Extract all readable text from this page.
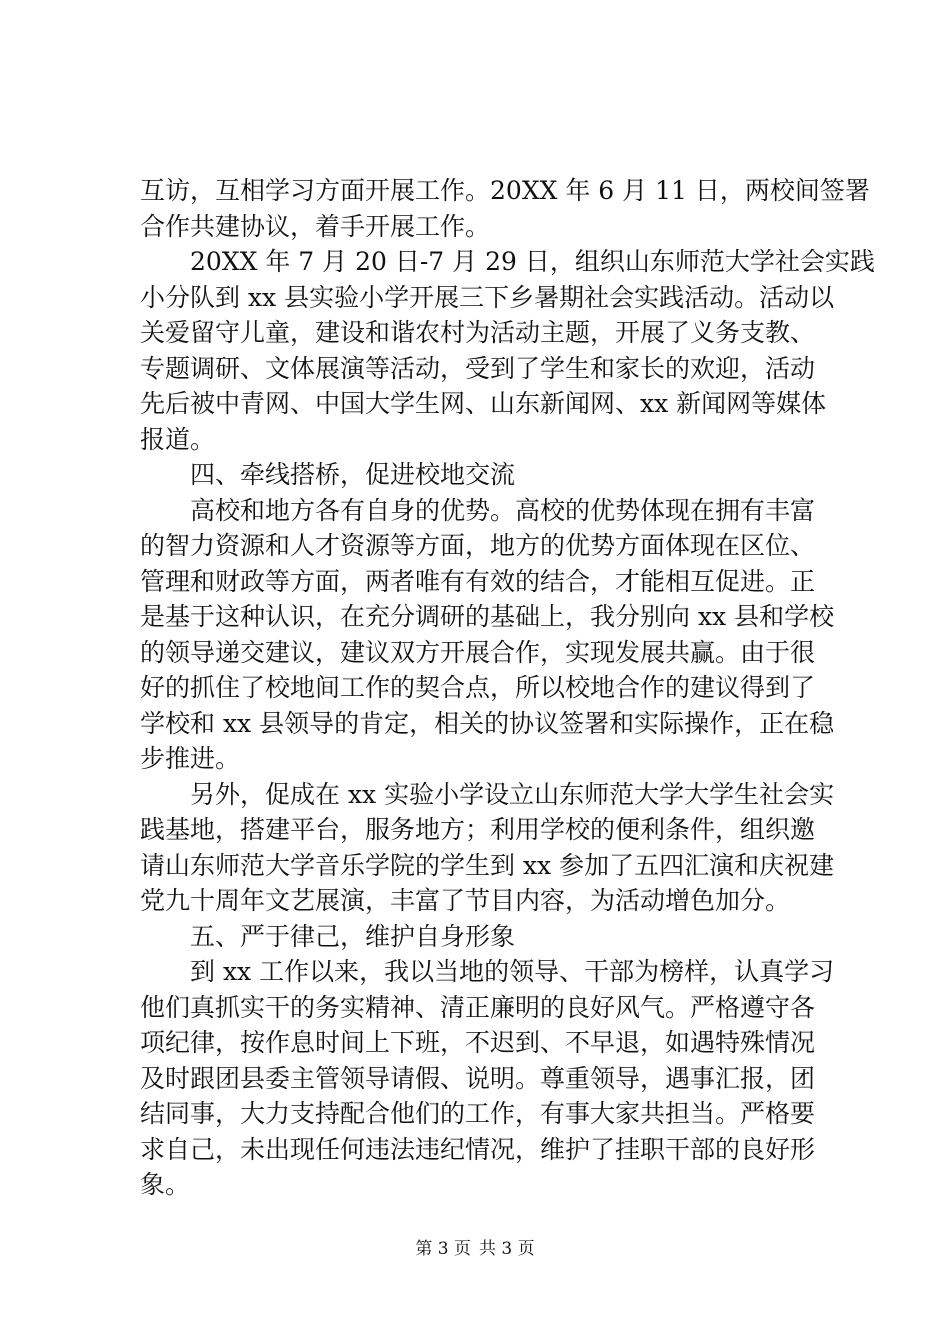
互访，互相学习方面开展工作。20XX 年 6 月 11 日，两校间签署
合作共建协议，着手开展工作。
　　20XX 年 7 月 20 日-7 月 29 日，组织山东师范大学社会实践
小分队到 xx 县实验小学开展三下乡暑期社会实践活动。活动以
关爱留守儿童，建设和谐农村为活动主题，开展了义务支教、
专题调研、文体展演等活动，受到了学生和家长的欢迎，活动
先后被中青网、中国大学生网、山东新闻网、xx 新闻网等媒体
报道。
　　四、牵线搭桥，促进校地交流
　　高校和地方各有自身的优势。高校的优势体现在拥有丰富
的智力资源和人才资源等方面，地方的优势方面体现在区位、
管理和财政等方面，两者唯有有效的结合，才能相互促进。正
是基于这种认识，在充分调研的基础上，我分别向 xx 县和学校
的领导递交建议，建议双方开展合作，实现发展共赢。由于很
好的抓住了校地间工作的契合点，所以校地合作的建议得到了
学校和 xx 县领导的肯定，相关的协议签署和实际操作，正在稳
步推进。
　　另外，促成在 xx 实验小学设立山东师范大学大学生社会实
践基地，搭建平台，服务地方；利用学校的便利条件，组织邀
请山东师范大学音乐学院的学生到 xx 参加了五四汇演和庆祝建
党九十周年文艺展演，丰富了节目内容，为活动增色加分。
　　五、严于律己，维护自身形象
　　到 xx 工作以来，我以当地的领导、干部为榜样，认真学习
他们真抓实干的务实精神、清正廉明的良好风气。严格遵守各
项纪律，按作息时间上下班，不迟到、不早退，如遇特殊情况
及时跟团县委主管领导请假、说明。尊重领导，遇事汇报，团
结同事，大力支持配合他们的工作，有事大家共担当。严格要
求自己，未出现任何违法违纪情况，维护了挂职干部的良好形
象。
第 3 页 共 3 页
